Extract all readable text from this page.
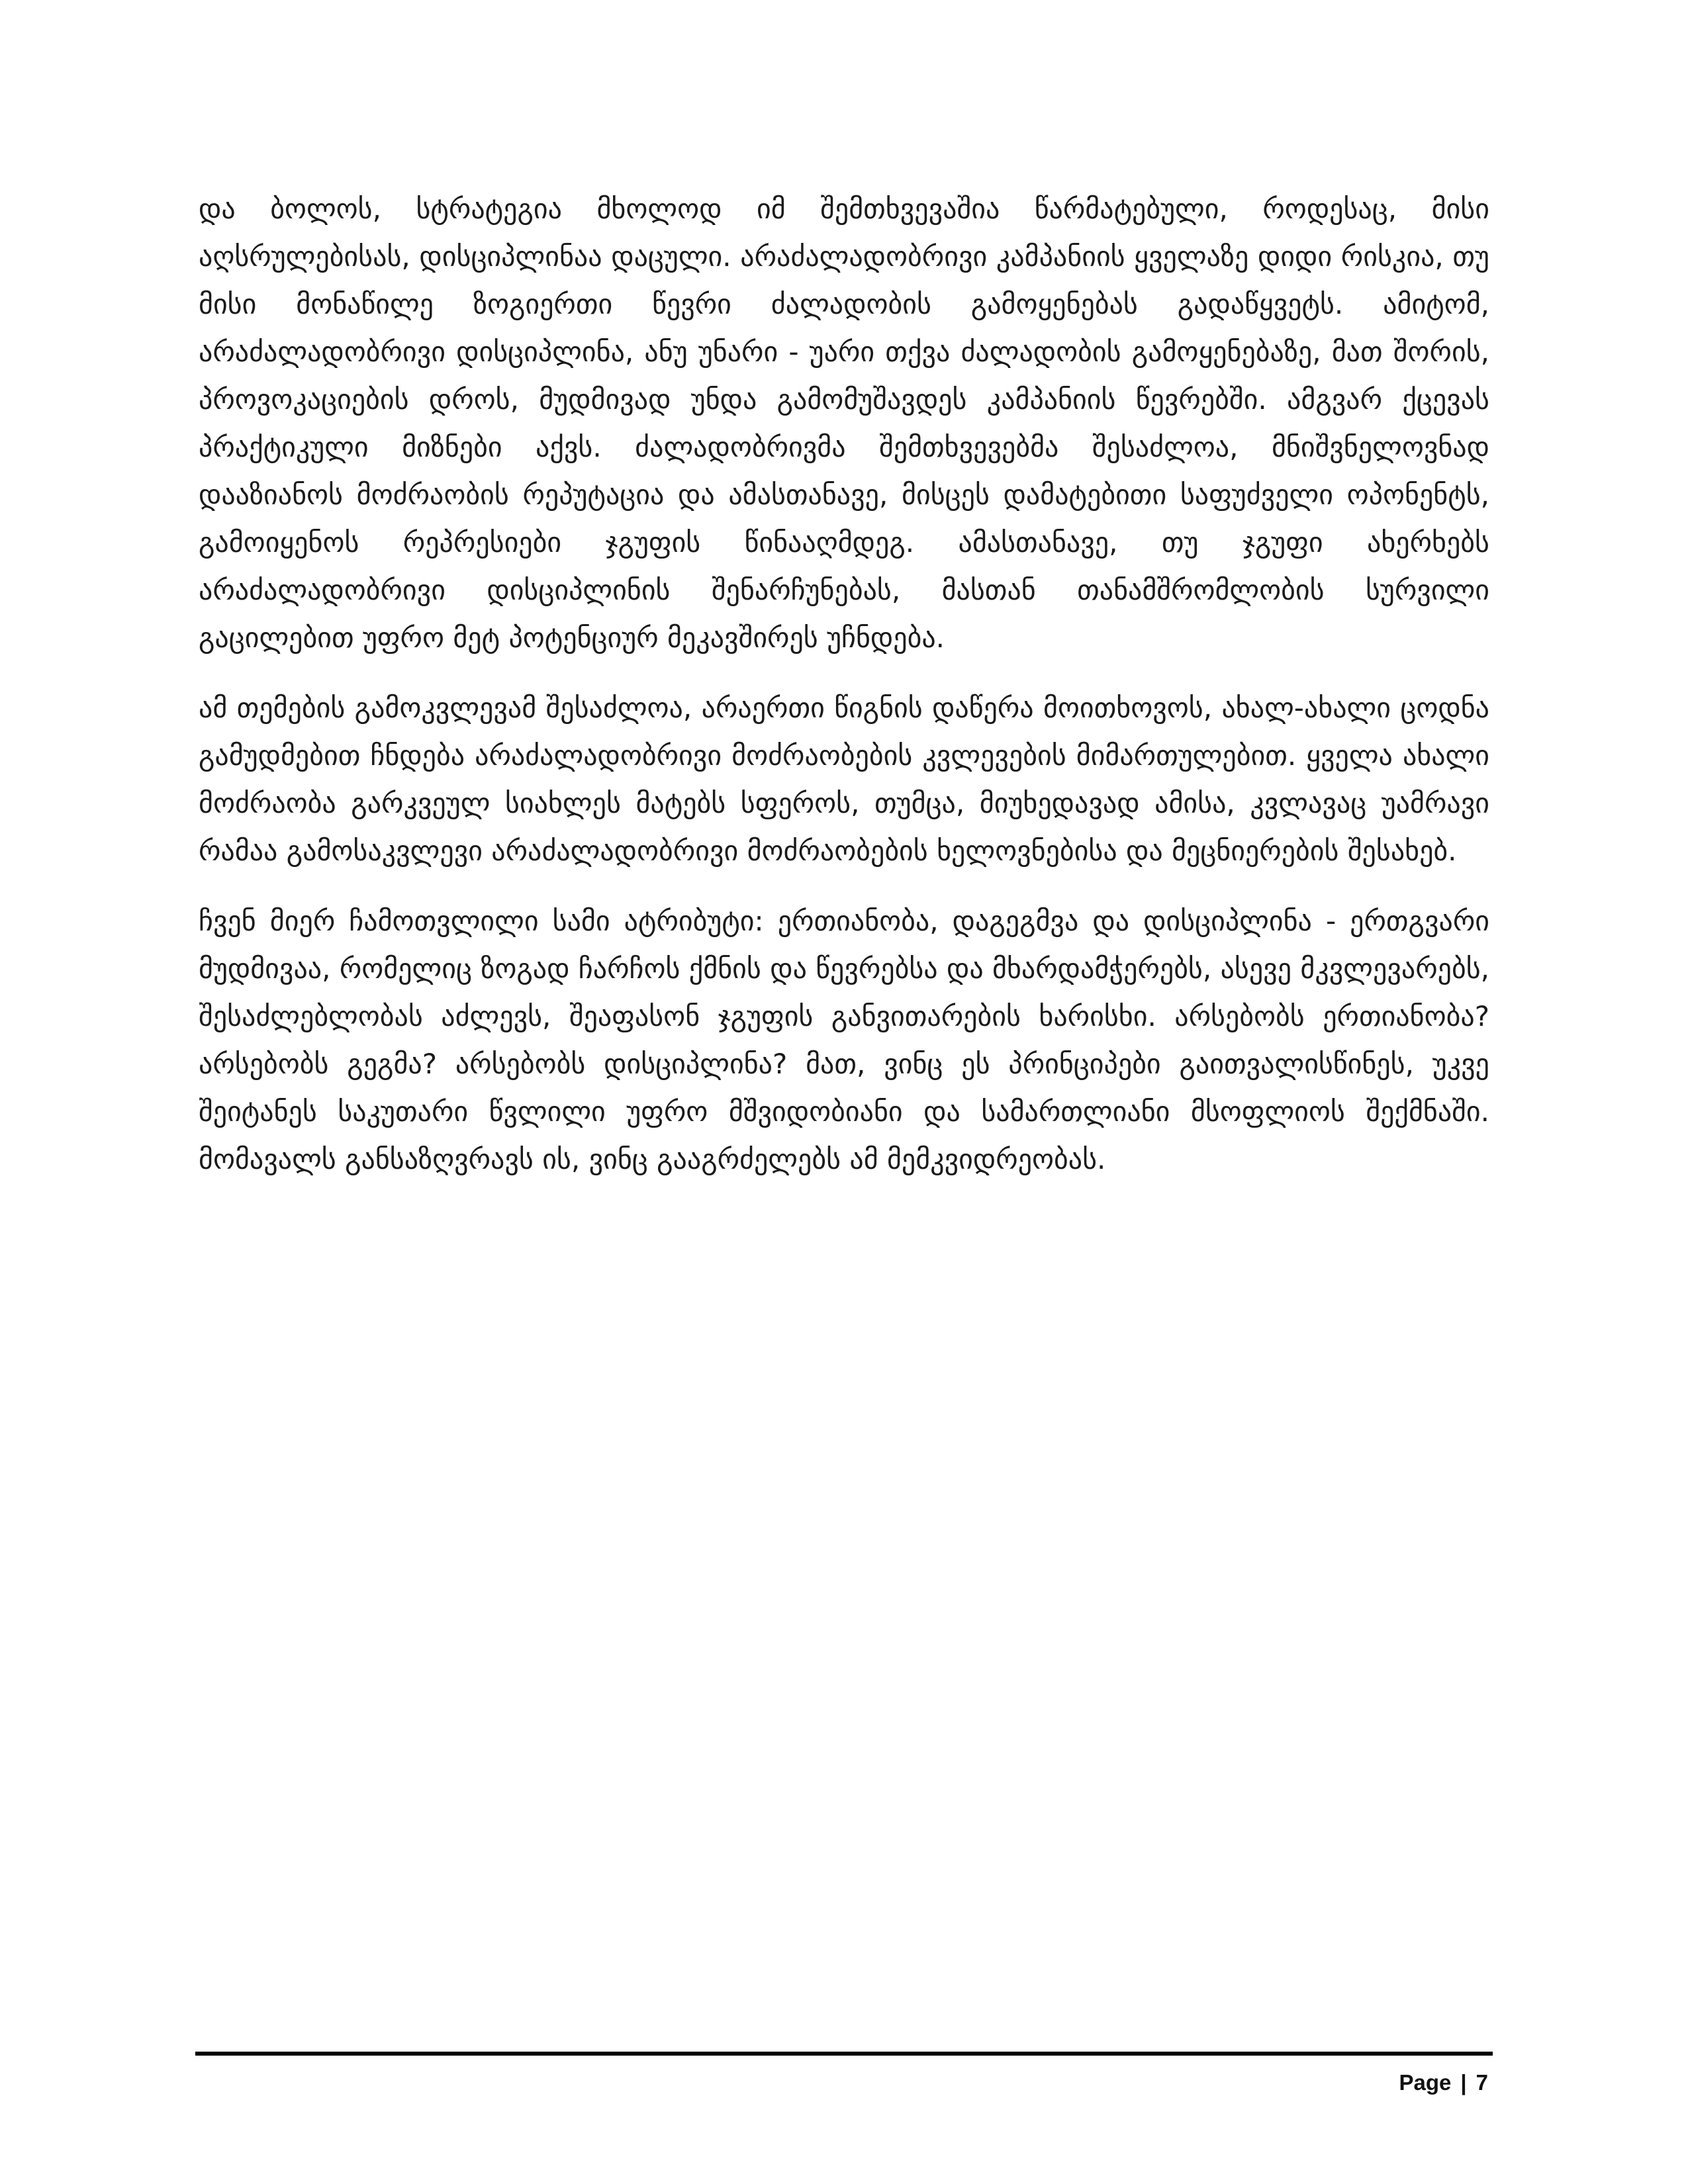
და ბოლოს, სტრატეგია მხოლოდ იმ შემთხვევაშია წარმატებული, როდესაც, მისი აღსრულებისას, დისციპლინაა დაცული. არაძალადობრივი კამპანიის ყველაზე დიდი რისკია, თუ მისი მონაწილე ზოგიერთი წევრი ძალადობის გამოყენებას გადაწყვეტს. ამიტომ, არაძალადობრივი დისციპლინა, ანუ უნარი - უარი თქვა ძალადობის გამოყენებაზე, მათ შორის, პროვოკაციების დროს, მუდმივად უნდა გამომუშავდეს კამპანიის წევრებში. ამგვარ ქცევას პრაქტიკული მიზნები აქვს. ძალადობრივმა შემთხვევებმა შესაძლოა, მნიშვნელოვნად დააზიანოს მოძრაობის რეპუტაცია და ამასთანავე, მისცეს დამატებითი საფუძველი ოპონენტს, გამოიყენოს რეპრესიები ჯგუფის წინააღმდეგ. ამასთანავე, თუ ჯგუფი ახერხებს არაძალადობრივი დისციპლინის შენარჩუნებას, მასთან თანამშრომლობის სურვილი გაცილებით უფრო მეტ პოტენციურ მეკავშირეს უჩნდება.

ამ თემების გამოკვლევამ შესაძლოა, არაერთი წიგნის დაწერა მოითხოვოს, ახალ-ახალი ცოდნა გამუდმებით ჩნდება არაძალადობრივი მოძრაობების კვლევების მიმართულებით. ყველა ახალი მოძრაობა გარკვეულ სიახლეს მატებს სფეროს, თუმცა, მიუხედავად ამისა, კვლავაც უამრავი რამაა გამოსაკვლევი არაძალადობრივი მოძრაობების ხელოვნებისა და მეცნიერების შესახებ.

ჩვენ მიერ ჩამოთვლილი სამი ატრიბუტი: ერთიანობა, დაგეგმვა და დისციპლინა - ერთგვარი მუდმივაა, რომელიც ზოგად ჩარჩოს ქმნის და წევრებსა და მხარდამჭერებს, ასევე მკვლევარებს, შესაძლებლობას აძლევს, შეაფასონ ჯგუფის განვითარების ხარისხი. არსებობს ერთიანობა? არსებობს გეგმა? არსებობს დისციპლინა? მათ, ვინც ეს პრინციპები გაითვალისწინეს, უკვე შეიტანეს საკუთარი წვლილი უფრო მშვიდობიანი და სამართლიანი მსოფლიოს შექმნაში. მომავალს განსაზღვრავს ის, ვინც გააგრძელებს ამ მემკვიდრეობას.

Page | 7
